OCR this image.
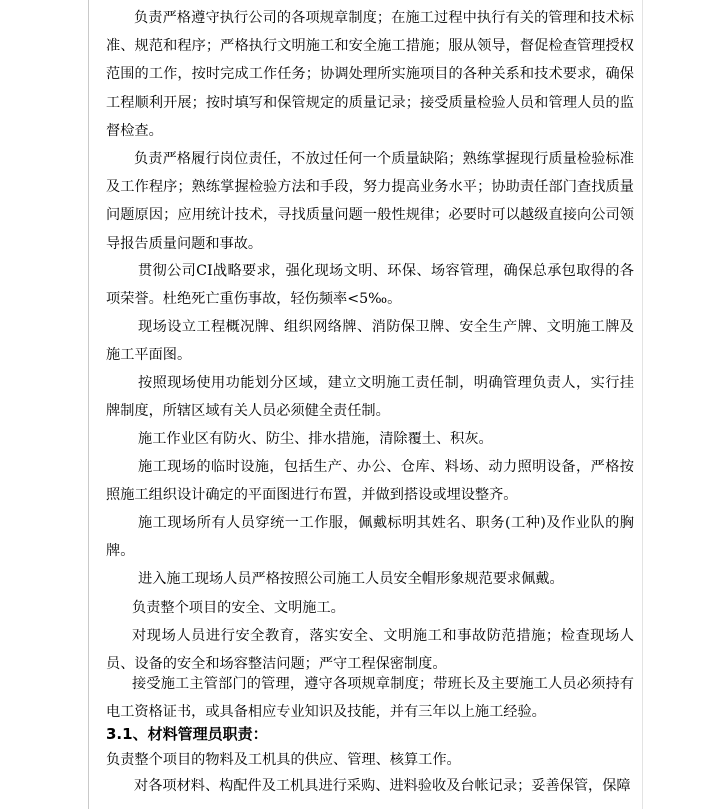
负责严格遵守执行公司的各项规章制度；在施工过程中执行有关的管理和技术标准、规范和程序；严格执行文明施工和安全施工措施；服从领导，督促检查管理授权范围的工作，按时完成工作任务；协调处理所实施项目的各种关系和技术要求，确保工程顺利开展；按时填写和保管规定的质量记录；接受质量检验人员和管理人员的监督检查。

负责严格履行岗位责任，不放过任何一个质量缺陷；熟练掌握现行质量检验标准及工作程序；熟练掌握检验方法和手段，努力提高业务水平；协助责任部门查找质量问题原因；应用统计技术，寻找质量问题一般性规律；必要时可以越级直接向公司领导报告质量问题和事故。

贯彻公司CI战略要求，强化现场文明、环保、场容管理，确保总承包取得的各项荣誉。杜绝死亡重伤事故，轻伤频率<5‰。

现场设立工程概况牌、组织网络牌、消防保卫牌、安全生产牌、文明施工牌及施工平面图。

按照现场使用功能划分区域，建立文明施工责任制，明确管理负责人，实行挂牌制度，所辖区域有关人员必须健全责任制。

施工作业区有防火、防尘、排水措施，清除覆土、积灰。

施工现场的临时设施，包括生产、办公、仓库、料场、动力照明设备，严格按照施工组织设计确定的平面图进行布置，并做到搭设或埋设整齐。

施工现场所有人员穿统一工作服，佩戴标明其姓名、职务(工种)及作业队的胸牌。

进入施工现场人员严格按照公司施工人员安全帽形象规范要求佩戴。

负责整个项目的安全、文明施工。

对现场人员进行安全教育，落实安全、文明施工和事故防范措施；检查现场人员、设备的安全和场容整洁问题；严守工程保密制度。

接受施工主管部门的管理，遵守各项规章制度；带班长及主要施工人员必须持有电工资格证书，或具备相应专业知识及技能，并有三年以上施工经验。

3.1、材料管理员职责：

负责整个项目的物料及工机具的供应、管理、核算工作。

对各项材料、构配件及工机具进行采购、进料验收及台帐记录；妥善保管，保障
